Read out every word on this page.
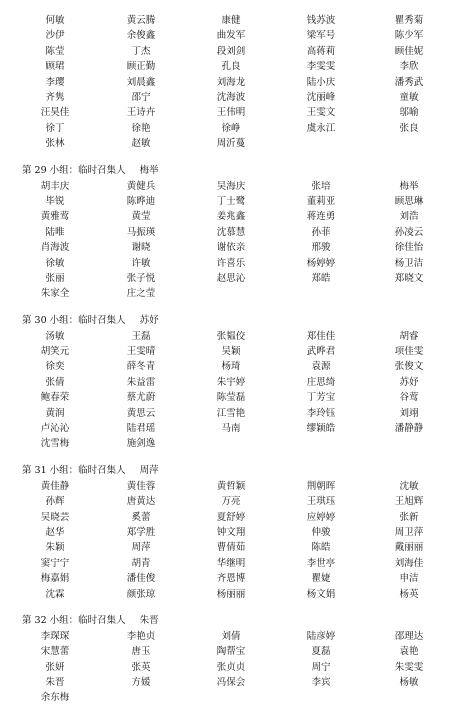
何敏	黄云腾	康健	钱苏波	瞿秀菊
沙伊	余俊鑫	曲发军	梁军号	陈少军
陈莹	丁杰	段刘剑	高蒋莉	顾佳妮
顾珺	顾正勤	孔良	李雯雯	李欣
李璎	刘晨鑫	刘海龙	陆小庆	潘秀武
齐隽	邵宁	沈海波	沈丽峰	童敏
汪昊佳	王诗卉	王伟明	王雯文	邬喻
徐丁	徐艳	徐峥	虞永江	张良
张林	赵敏	周沂蔓
第 29 小组：临时召集人 梅举
胡丰庆	黄健兵	吴海庆	张培	梅举
毕锐	陈晔迪	丁士鹭	董莉亚	顾思琳
黄雅莺	黄莹	姜兆鑫	蒋连勇	刘浩
陆唯	马振瑛	沈慕慧	孙菲	孙凌云
肖海波	谢晓	谢依亲	邢骏	徐佳怡
徐敏	许敏	许喜乐	杨婷婷	杨卫洁
张丽	张子悦	赵思沁	郑皓	郑晓文
朱家全	庄之莹
第 30 小组：临时召集人 苏妤
汤敏	王磊	张韫佼	郑佳佳	胡睿
胡笑元	王雯晴	吴颖	武晔君	项佳雯
徐奕	薛冬青	杨琦	袁源	张俊文
张倩	朱益雷	朱宇婷	庄思绮	苏妤
鲍春荣	蔡尤蔚	陈莹磊	丁芳宝	谷莺
黄润	黄思云	江雪艳	李玲钰	刘翊
卢沁沁	陆君瑶	马南	缪颖皓	潘静静
沈雪梅	施剑逸
第 31 小组：临时召集人 周萍
黄佳静	黄佳蓉	黄哲颖	荆朝晖	沈敏
孙辉	唐黄达	万亮	王琪珏	王旭辉
吴晓芸	奚蕾	夏舒婷	应婷婷	张新
赵华	郑学胜	钟文翔	仲骏	周卫萍
朱颖	周萍	曹倩茹	陈皓	戴丽丽
窦宁宁	胡青	华继明	李世亭	刘海佳
梅嘉娟	潘佳俊	齐恩博	瞿婕	申洁
沈霖	颜张琼	杨丽丽	杨文娟	杨英
第 32 小组：临时召集人 朱晋
李琛琛	李艳贞	刘倩	陆彦婷	邵理达
宋慧蕾	唐玉	陶帮宝	夏磊	袁艳
张妍	张英	张贞贞	周宁	朱雯雯
朱晋	方媛	冯保会	李宾	杨敏
余东梅
